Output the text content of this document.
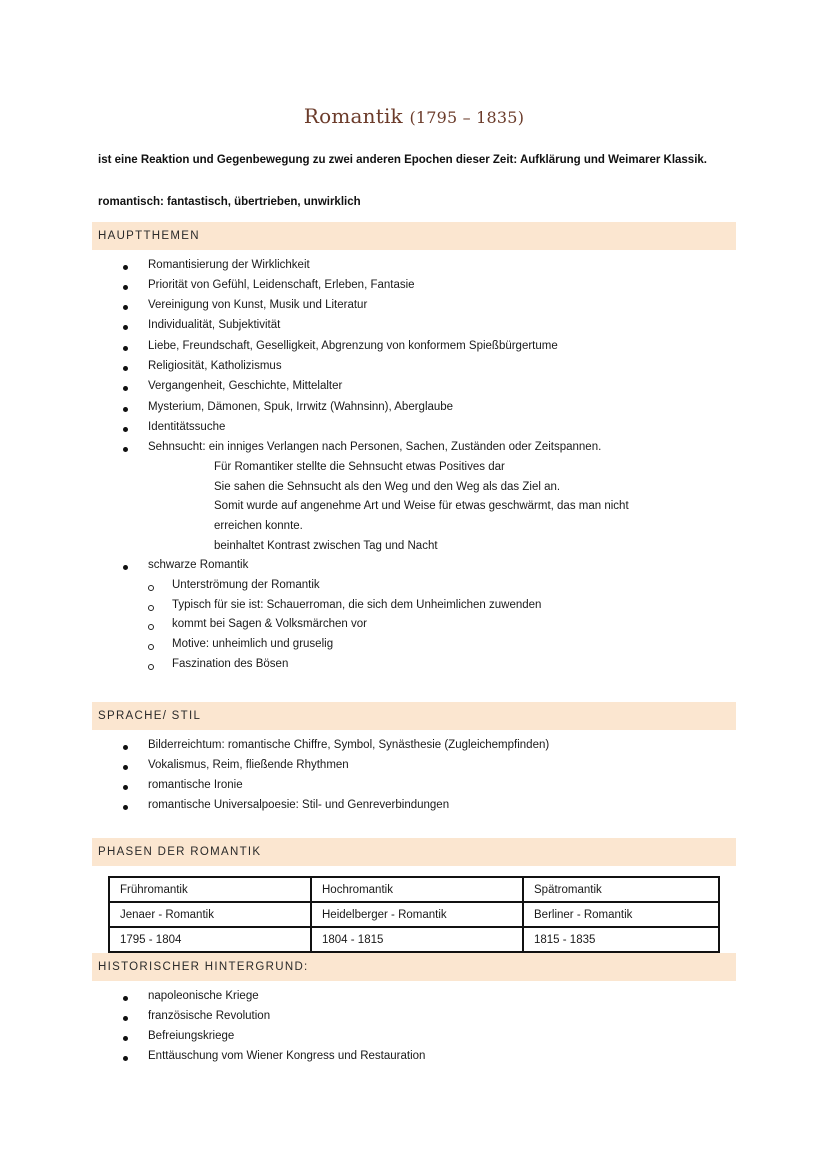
Romantik (1795 – 1835)
ist eine Reaktion und Gegenbewegung zu zwei anderen Epochen dieser Zeit: Aufklärung und Weimarer Klassik.
romantisch: fantastisch, übertrieben, unwirklich
HAUPTTHEMEN
Romantisierung der Wirklichkeit
Priorität von Gefühl, Leidenschaft, Erleben, Fantasie
Vereinigung von Kunst, Musik und Literatur
Individualität, Subjektivität
Liebe, Freundschaft, Geselligkeit, Abgrenzung von konformem Spießbürgertume
Religiosität, Katholizismus
Vergangenheit, Geschichte, Mittelalter
Mysterium, Dämonen, Spuk, Irrwitz (Wahnsinn), Aberglaube
Identitätssuche
Sehnsucht: ein inniges Verlangen nach Personen, Sachen, Zuständen oder Zeitspannen.
Für Romantiker stellte die Sehnsucht etwas Positives dar
Sie sahen die Sehnsucht als den Weg und den Weg als das Ziel an.
Somit wurde auf angenehme Art und Weise für etwas geschwärmt, das man nicht
erreichen konnte.
beinhaltet Kontrast zwischen Tag und Nacht
schwarze Romantik
Unterströmung der Romantik
Typisch für sie ist: Schauerroman, die sich dem Unheimlichen zuwenden
kommt bei Sagen & Volksmärchen vor
Motive: unheimlich und gruselig
Faszination des Bösen
SPRACHE/ STIL
Bilderreichtum: romantische Chiffre, Symbol, Synästhesie (Zugleichempfinden)
Vokalismus, Reim, fließende Rhythmen
romantische Ironie
romantische Universalpoesie: Stil- und Genreverbindungen
PHASEN DER ROMANTIK
Frühromantik	Hochromantik	Spätromantik
Jenaer - Romantik	Heidelberger - Romantik	Berliner - Romantik
1795 - 1804	1804 - 1815	1815 - 1835
HISTORISCHER HINTERGRUND:
napoleonische Kriege
französische Revolution
Befreiungskriege
Enttäuschung vom Wiener Kongress und Restauration
